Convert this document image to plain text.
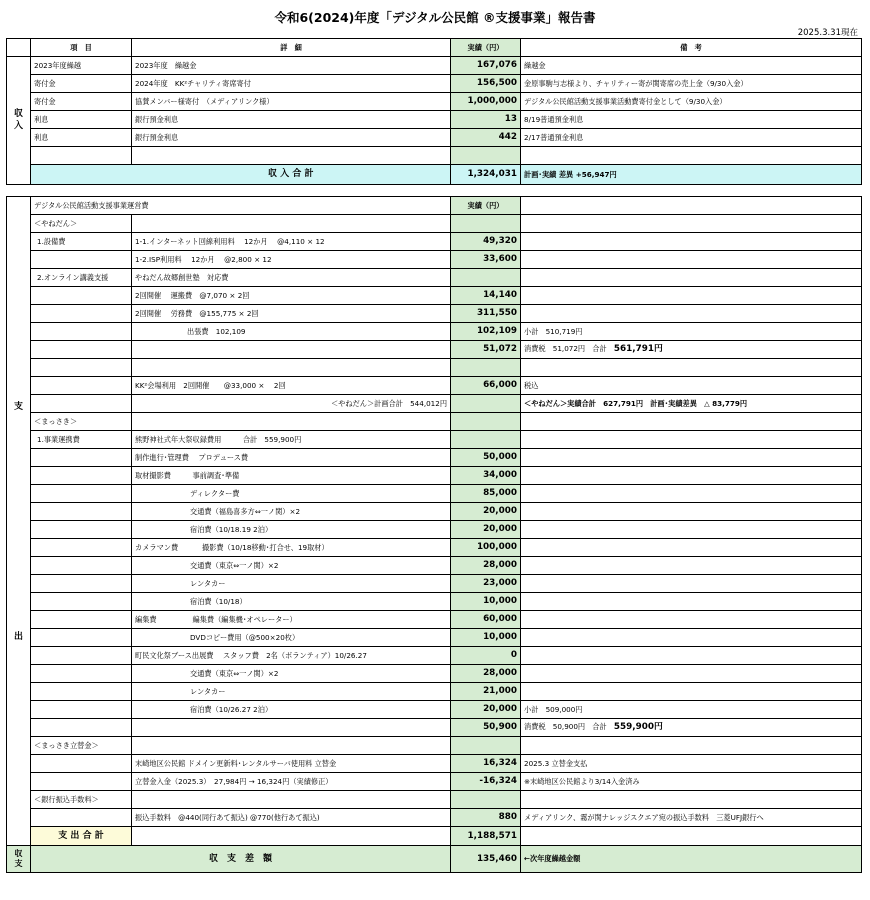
令和6(2024)年度「デジタル公民館 ®支援事業」報告書
2025.3.31現在
	項　目	詳　細	実績（円）	備　考
収
入	2023年度繰越	2023年度　繰越金	167,076	繰越金
	寄付金	2024年度　KK²チャリティ寄席寄付	156,500	金原事駒与志様より、チャリティー寄が関寄席の売上金（9/30入金）
	寄付金	協賛メンバー様寄付　（メディアリンク様）	1,000,000	デジタル公民館活動支援事業活動費寄付金として（9/30入金）
	利息	銀行預金利息	13	8/19普通預金利息
	利息	銀行預金利息	442	2/17普通預金利息

		収 入 合 計	1,324,031	計画･実績 差異 +56,947円
支
出	デジタル公民館活動支援事業運営費		実績（円）	
	＜やねだん＞			
	1.設備費	1-1.インターネット回線利用料　 12か月　 @4,110 × 12	49,320	
		1-2.ISP利用料　 12か月　 @2,800 × 12	33,600	
	2.オンライン講義支援	やねだん故郷創世塾　対応費		
		2回開催　 運搬費　@7,070 × 2回	14,140	
		2回開催　 労務費　@155,775 × 2回	311,550	
		出張費　102,109	102,109	小計　510,719円
			51,072	消費税　51,072円　合計　 561,791円

		KK²会場利用　2回開催　　@33,000 × 　2回	66,000	税込
		＜やねだん＞計画合計　544,012円		＜やねだん＞実績合計　627,791円　計画･実績差異　 △ 83,779円
	＜まっさき＞			
	1.事業運携費	熊野神社式年大祭収録費用　　　合計　559,900円		
		制作進行･管理費　 プロデュース費	50,000	
		取材撮影費　　　事前調査･準備	34,000	
		ディレクター費	85,000	
		交通費（福島喜多方⇔一ノ関）×2	20,000	
		宿泊費（10/18.19 2泊）	20,000	
		カメラマン費　　　 撮影費（10/18移動･打合せ、19取材）	100,000	
		交通費（東京⇔一ノ関）×2	28,000	
		レンタカー	23,000	
		宿泊費（10/18）	10,000	
		編集費　　　　　編集費（編集機･オペレーター）	60,000	
		DVDコピー費用（@500×20枚）	10,000	
		町民文化祭ブース出展費　 スタッフ費　2名（ボランティア）10/26.27	0	
		交通費（東京⇔一ノ関）×2	28,000	
		レンタカー	21,000	
		宿泊費（10/26.27 2泊）	20,000	小計　509,000円
			50,900	消費税　50,900円　合計　 559,900円
	＜まっさき立替金＞			
		末崎地区公民館 ドメイン更新料･レンタルサーバ使用料 立替金	16,324	2025.3 立替金支払
		立替金入金（2025.3）　27,984円 → 16,324円（実績修正）	-16,324	※末崎地区公民館より3/14入金済み
	＜銀行振込手数料＞			
		振込手数料　@440(同行あて振込) @770(他行あて振込)	880	メディアリンク、霧が関ナレッジスクエア宛の振込手数料　三菱UFJ銀行へ
	支 出 合 計		1,188,571	
収
支	収　支　差　額		135,460	←次年度繰越金額
